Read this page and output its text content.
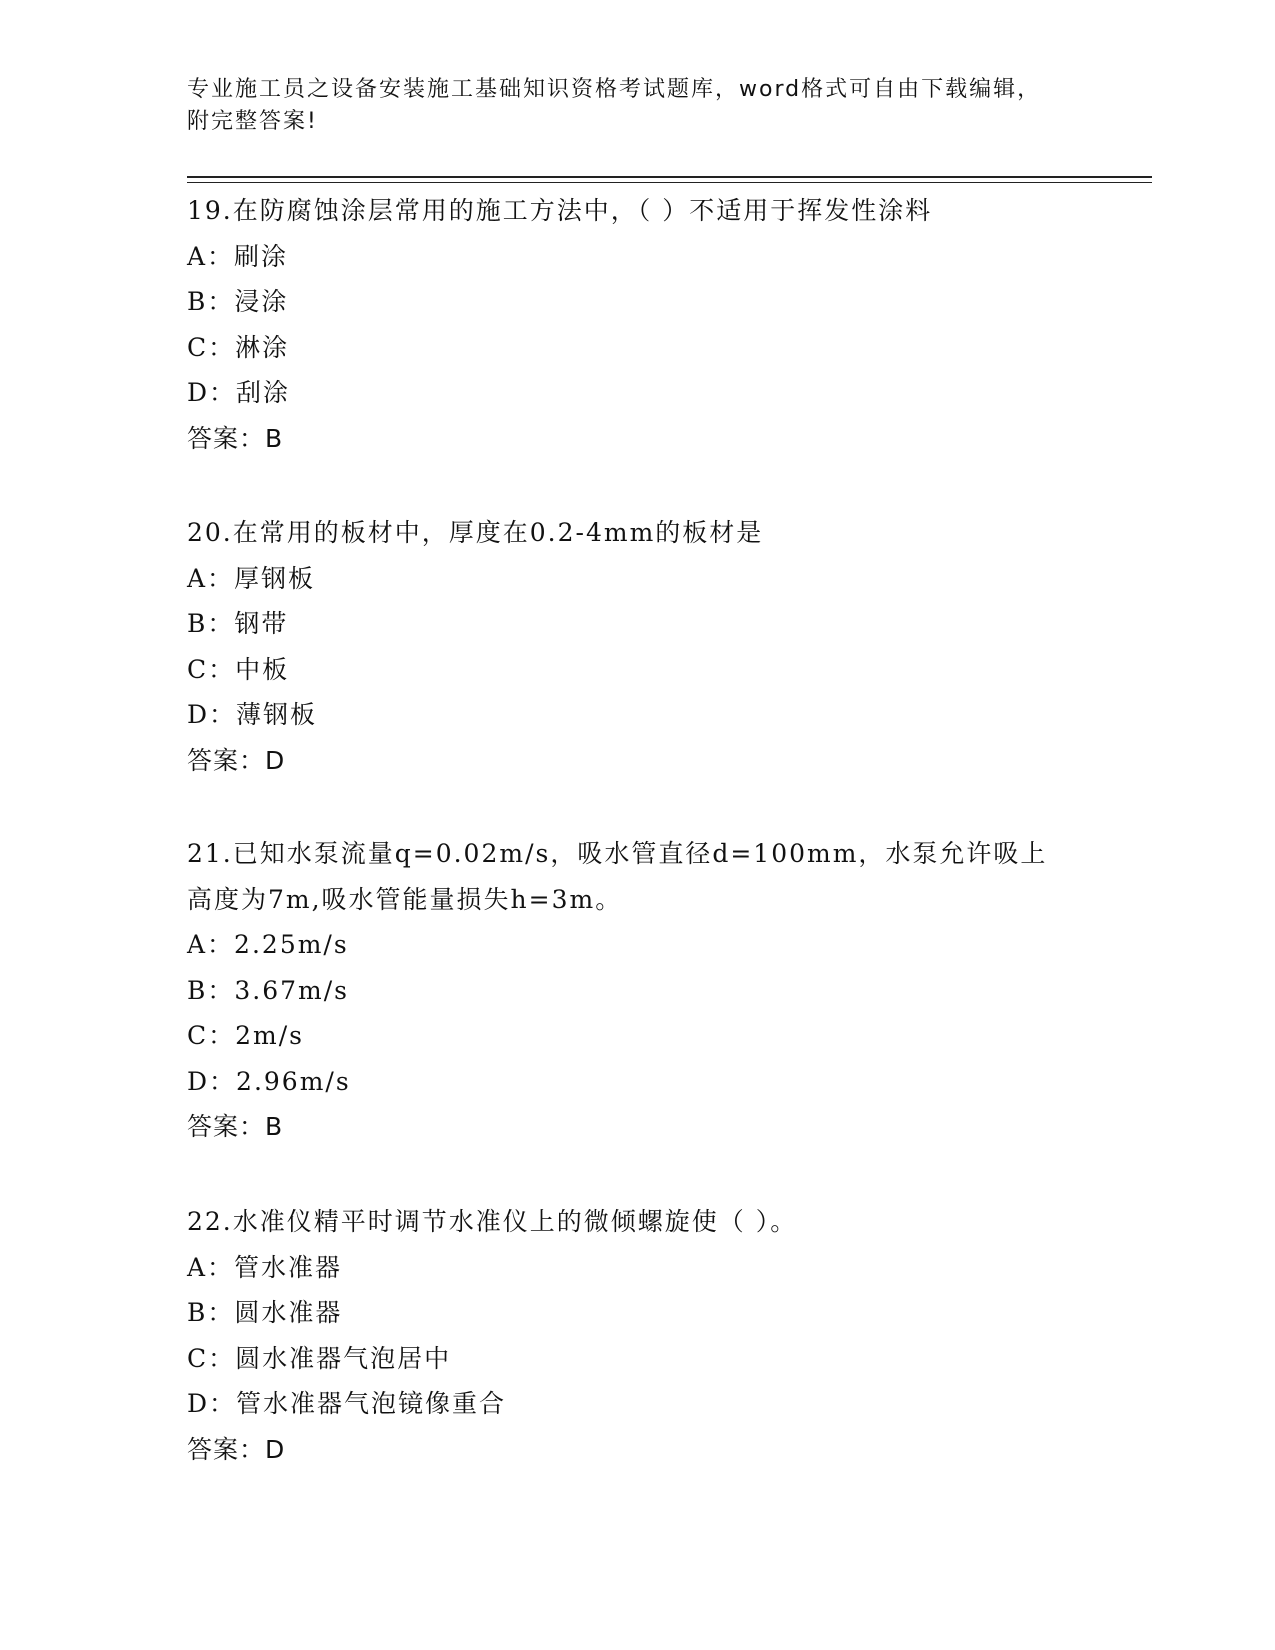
专业施工员之设备安装施工基础知识资格考试题库，word格式可自由下载编辑，
附完整答案!
19.在防腐蚀涂层常用的施工方法中，（ ）不适用于挥发性涂料
A：刷涂
B：浸涂
C：淋涂
D：刮涂
答案：B
20.在常用的板材中，厚度在0.2-4mm的板材是
A：厚钢板
B：钢带
C：中板
D：薄钢板
答案：D
21.已知水泵流量q=0.02m/s，吸水管直径d=100mm，水泵允许吸上高度为7m,吸水管能量损失h=3m。
A：2.25m/s
B：3.67m/s
C：2m/s
D：2.96m/s
答案：B
22.水准仪精平时调节水准仪上的微倾螺旋使（ ）。
A：管水准器
B：圆水准器
C：圆水准器气泡居中
D：管水准器气泡镜像重合
答案：D
